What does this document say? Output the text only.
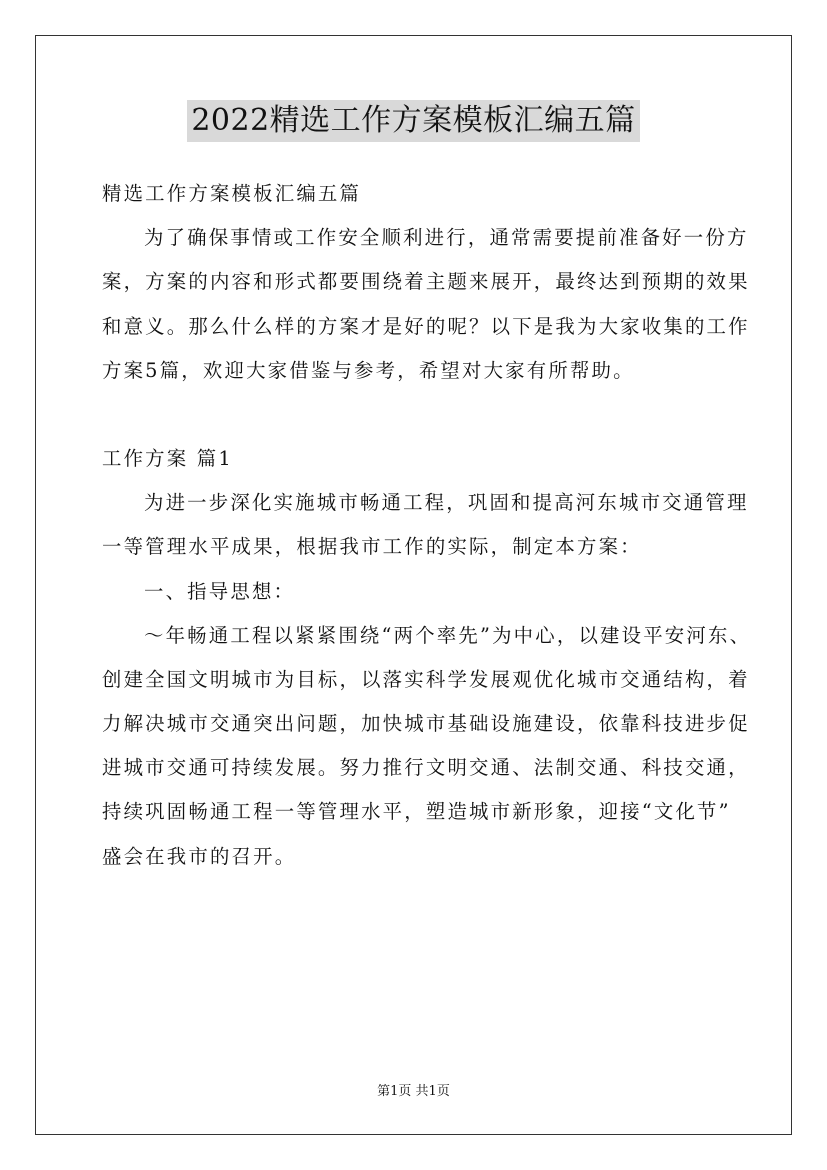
2022精选工作方案模板汇编五篇
精选工作方案模板汇编五篇
为了确保事情或工作安全顺利进行，通常需要提前准备好一份方
案，方案的内容和形式都要围绕着主题来展开，最终达到预期的效果
和意义。那么什么样的方案才是好的呢？以下是我为大家收集的工作
方案5篇，欢迎大家借鉴与参考，希望对大家有所帮助。
工作方案 篇1
为进一步深化实施城市畅通工程，巩固和提高河东城市交通管理
一等管理水平成果，根据我市工作的实际，制定本方案：
一、指导思想：
～年畅通工程以紧紧围绕“两个率先”为中心，以建设平安河东、
创建全国文明城市为目标，以落实科学发展观优化城市交通结构，着
力解决城市交通突出问题，加快城市基础设施建设，依靠科技进步促
进城市交通可持续发展。努力推行文明交通、法制交通、科技交通，
持续巩固畅通工程一等管理水平，塑造城市新形象，迎接“文化节”
盛会在我市的召开。
第1页 共1页
